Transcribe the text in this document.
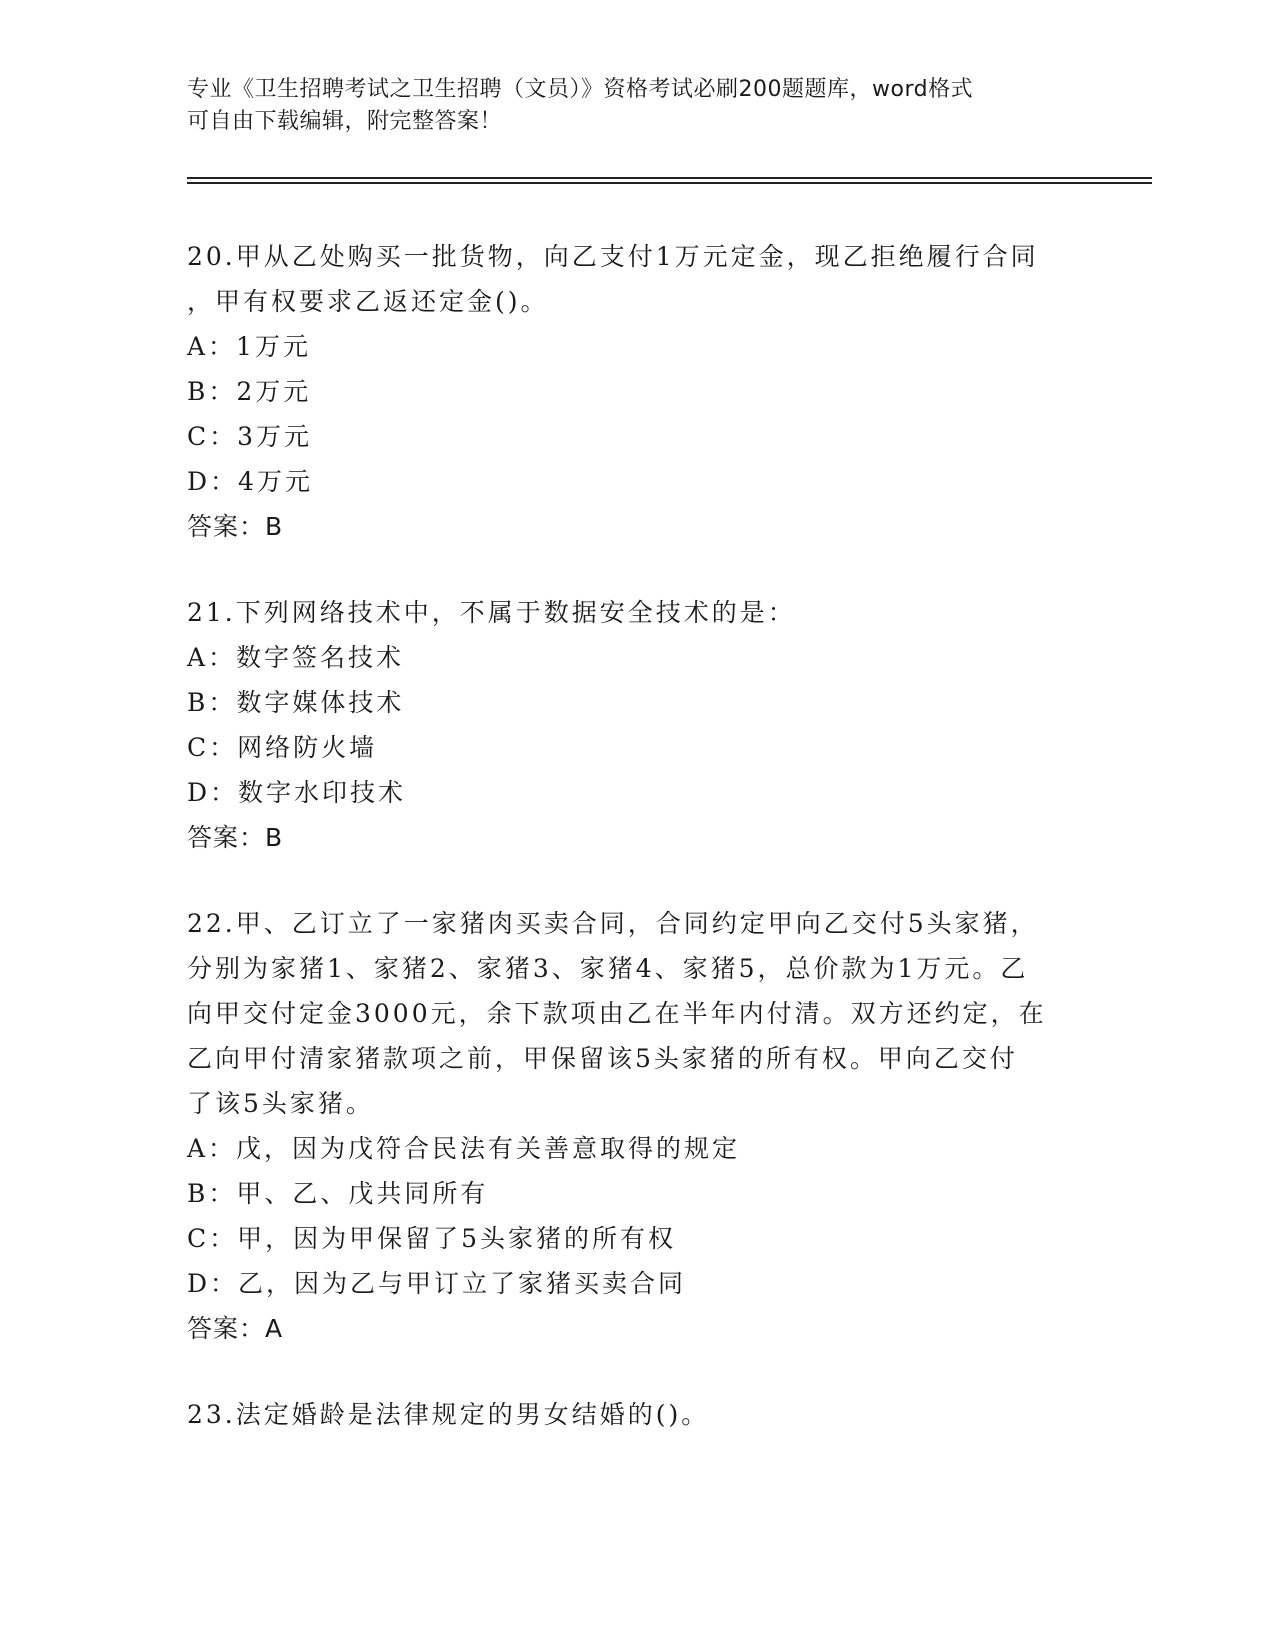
专业《卫生招聘考试之卫生招聘（文员）》资格考试必刷200题题库，word格式
可自由下载编辑，附完整答案！

20.甲从乙处购买一批货物，向乙支付1万元定金，现乙拒绝履行合同

，甲有权要求乙返还定金()。

A：1万元

B：2万元

C：3万元

D：4万元

答案：B

21.下列网络技术中，不属于数据安全技术的是：

A：数字签名技术

B：数字媒体技术

C：网络防火墙

D：数字水印技术

答案：B

22.甲、乙订立了一家猪肉买卖合同，合同约定甲向乙交付5头家猪，

分别为家猪1、家猪2、家猪3、家猪4、家猪5，总价款为1万元。乙

向甲交付定金3000元，余下款项由乙在半年内付清。双方还约定，在

乙向甲付清家猪款项之前，甲保留该5头家猪的所有权。甲向乙交付

了该5头家猪。

A：戊，因为戊符合民法有关善意取得的规定

B：甲、乙、戊共同所有

C：甲，因为甲保留了5头家猪的所有权

D：乙，因为乙与甲订立了家猪买卖合同

答案：A

23.法定婚龄是法律规定的男女结婚的()。
